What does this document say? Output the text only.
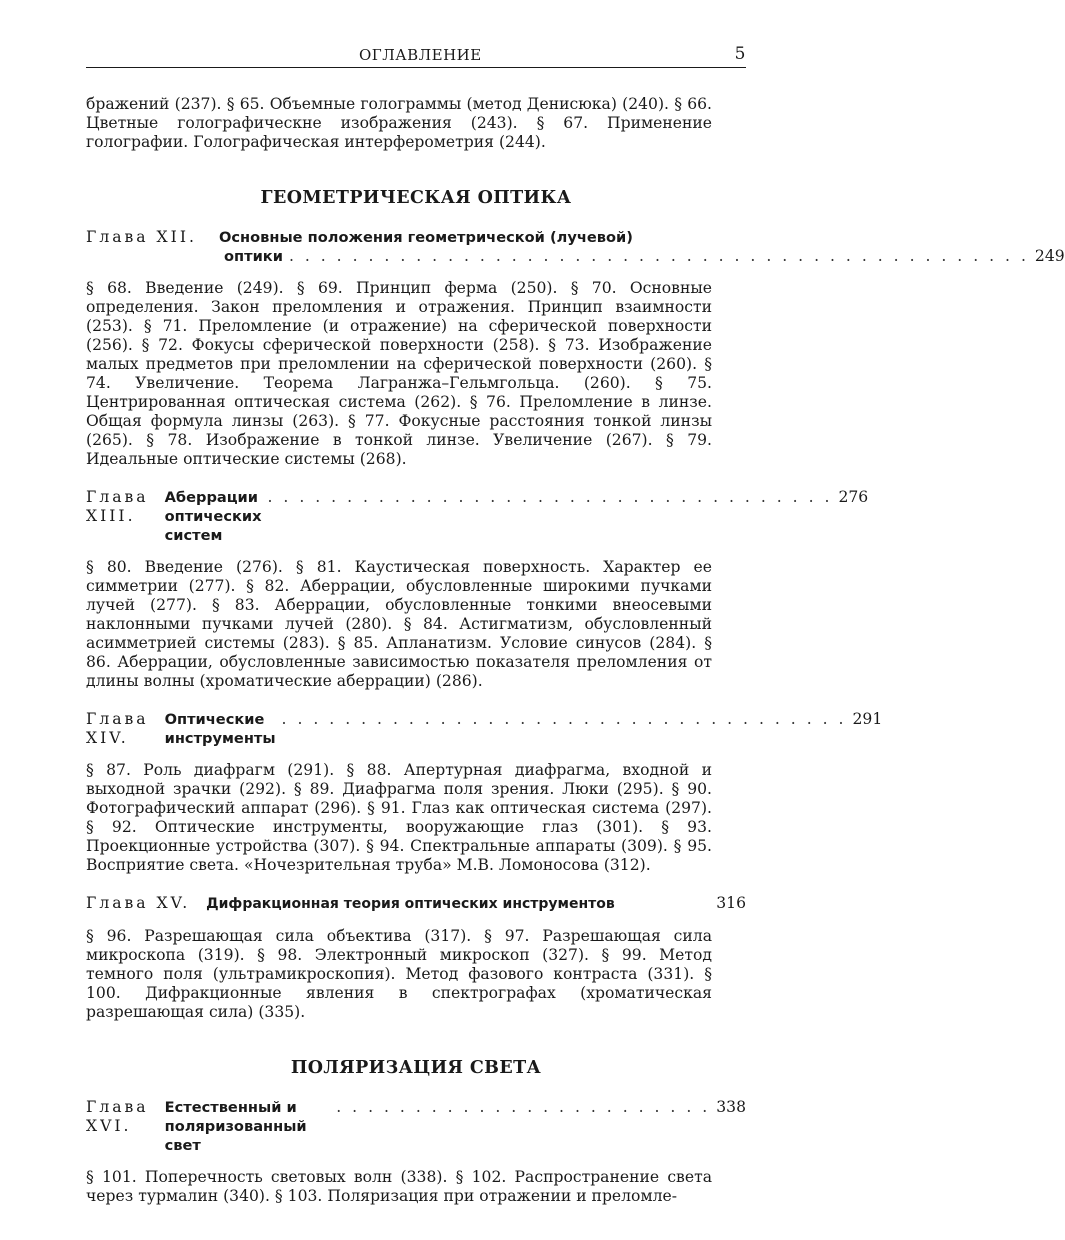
ОГЛАВЛЕНИЕ	5

бражений (237). § 65. Объемные голограммы (метод Денисюка) (240). § 66. Цветные голографическне изображения (243). § 67. Применение голографии. Голографическая интерферометрия (244).

ГЕОМЕТРИЧЕСКАЯ ОПТИКА
Глава XII. Основные положения геометрической (лучевой)
оптики . . . . . . . . . . . . . . . . . . . . . . . . . . . . . . . . . . . . . . . . . . . . . . . 249

§ 68. Введение (249). § 69. Принцип ферма (250). § 70. Основные определения. Закон преломления и отражения. Принцип взаимности (253). § 71. Преломление (и отражение) на сферической поверхности (256). § 72. Фокусы сферической поверхности (258). § 73. Изображение малых предметов при преломлении на сферической поверхности (260). § 74. Увеличение. Теорема Лагранжа–Гельмгольца. (260). § 75. Центрированная оптическая система (262). § 76. Преломление в линзе. Общая формула линзы (263). § 77. Фокусные расстояния тонкой линзы (265). § 78. Изображение в тонкой линзе. Увеличение (267). § 79. Идеальные оптические системы (268).

Глава XIII.
Аберрации оптических систем
. . . . . . . . . . . . . . . . . . . . . . . . . . . . . . . . . . . . 276

§ 80. Введение (276). § 81. Каустическая поверхность. Характер ее симметрии (277). § 82. Аберрации, обусловленные широкими пучками лучей (277). § 83. Аберрации, обусловленные тонкими внеосевыми наклонными пучками лучей (280). § 84. Астигматизм, обусловленный асимметрией системы (283). § 85. Апланатизм. Условие синусов (284). § 86. Аберрации, обусловленные зависимостью показателя преломления от длины волны (хроматические аберрации) (286).

Глава XIV.
Оптические инструменты
. . . . . . . . . . . . . . . . . . . . . . . . . . . . . . . . . . . . 291

§ 87. Роль диафрагм (291). § 88. Апертурная диафрагма, входной и выходной зрачки (292). § 89. Диафрагма поля зрения. Люки (295). § 90. Фотографический аппарат (296). § 91. Глаз как оптическая система (297). § 92. Оптические инструменты, вооружающие глаз (301). § 93. Проекционные устройства (307). § 94. Спектральные аппараты (309). § 95. Восприятие света. «Ночезрительная труба» М.В. Ломоносова (312).

Глава XV. Дифракционная теория оптических инструментов	316

§ 96. Разрешающая сила объектива (317). § 97. Разрешающая сила микроскопа (319). § 98. Электронный микроскоп (327). § 99. Метод темного поля (ультрамикроскопия). Метод фазового контраста (331). § 100. Дифракционные явления в спектрографах (хроматическая разрешающая сила) (335).

ПОЛЯРИЗАЦИЯ СВЕТА
Глава XVI.
Естественный и поляризованный свет
. . . . . . . . . . . . . . . . . . . . . . . . 338

§ 101. Поперечность световых волн (338). § 102. Распространение света через турмалин (340). § 103. Поляризация при отражении и преломле-
